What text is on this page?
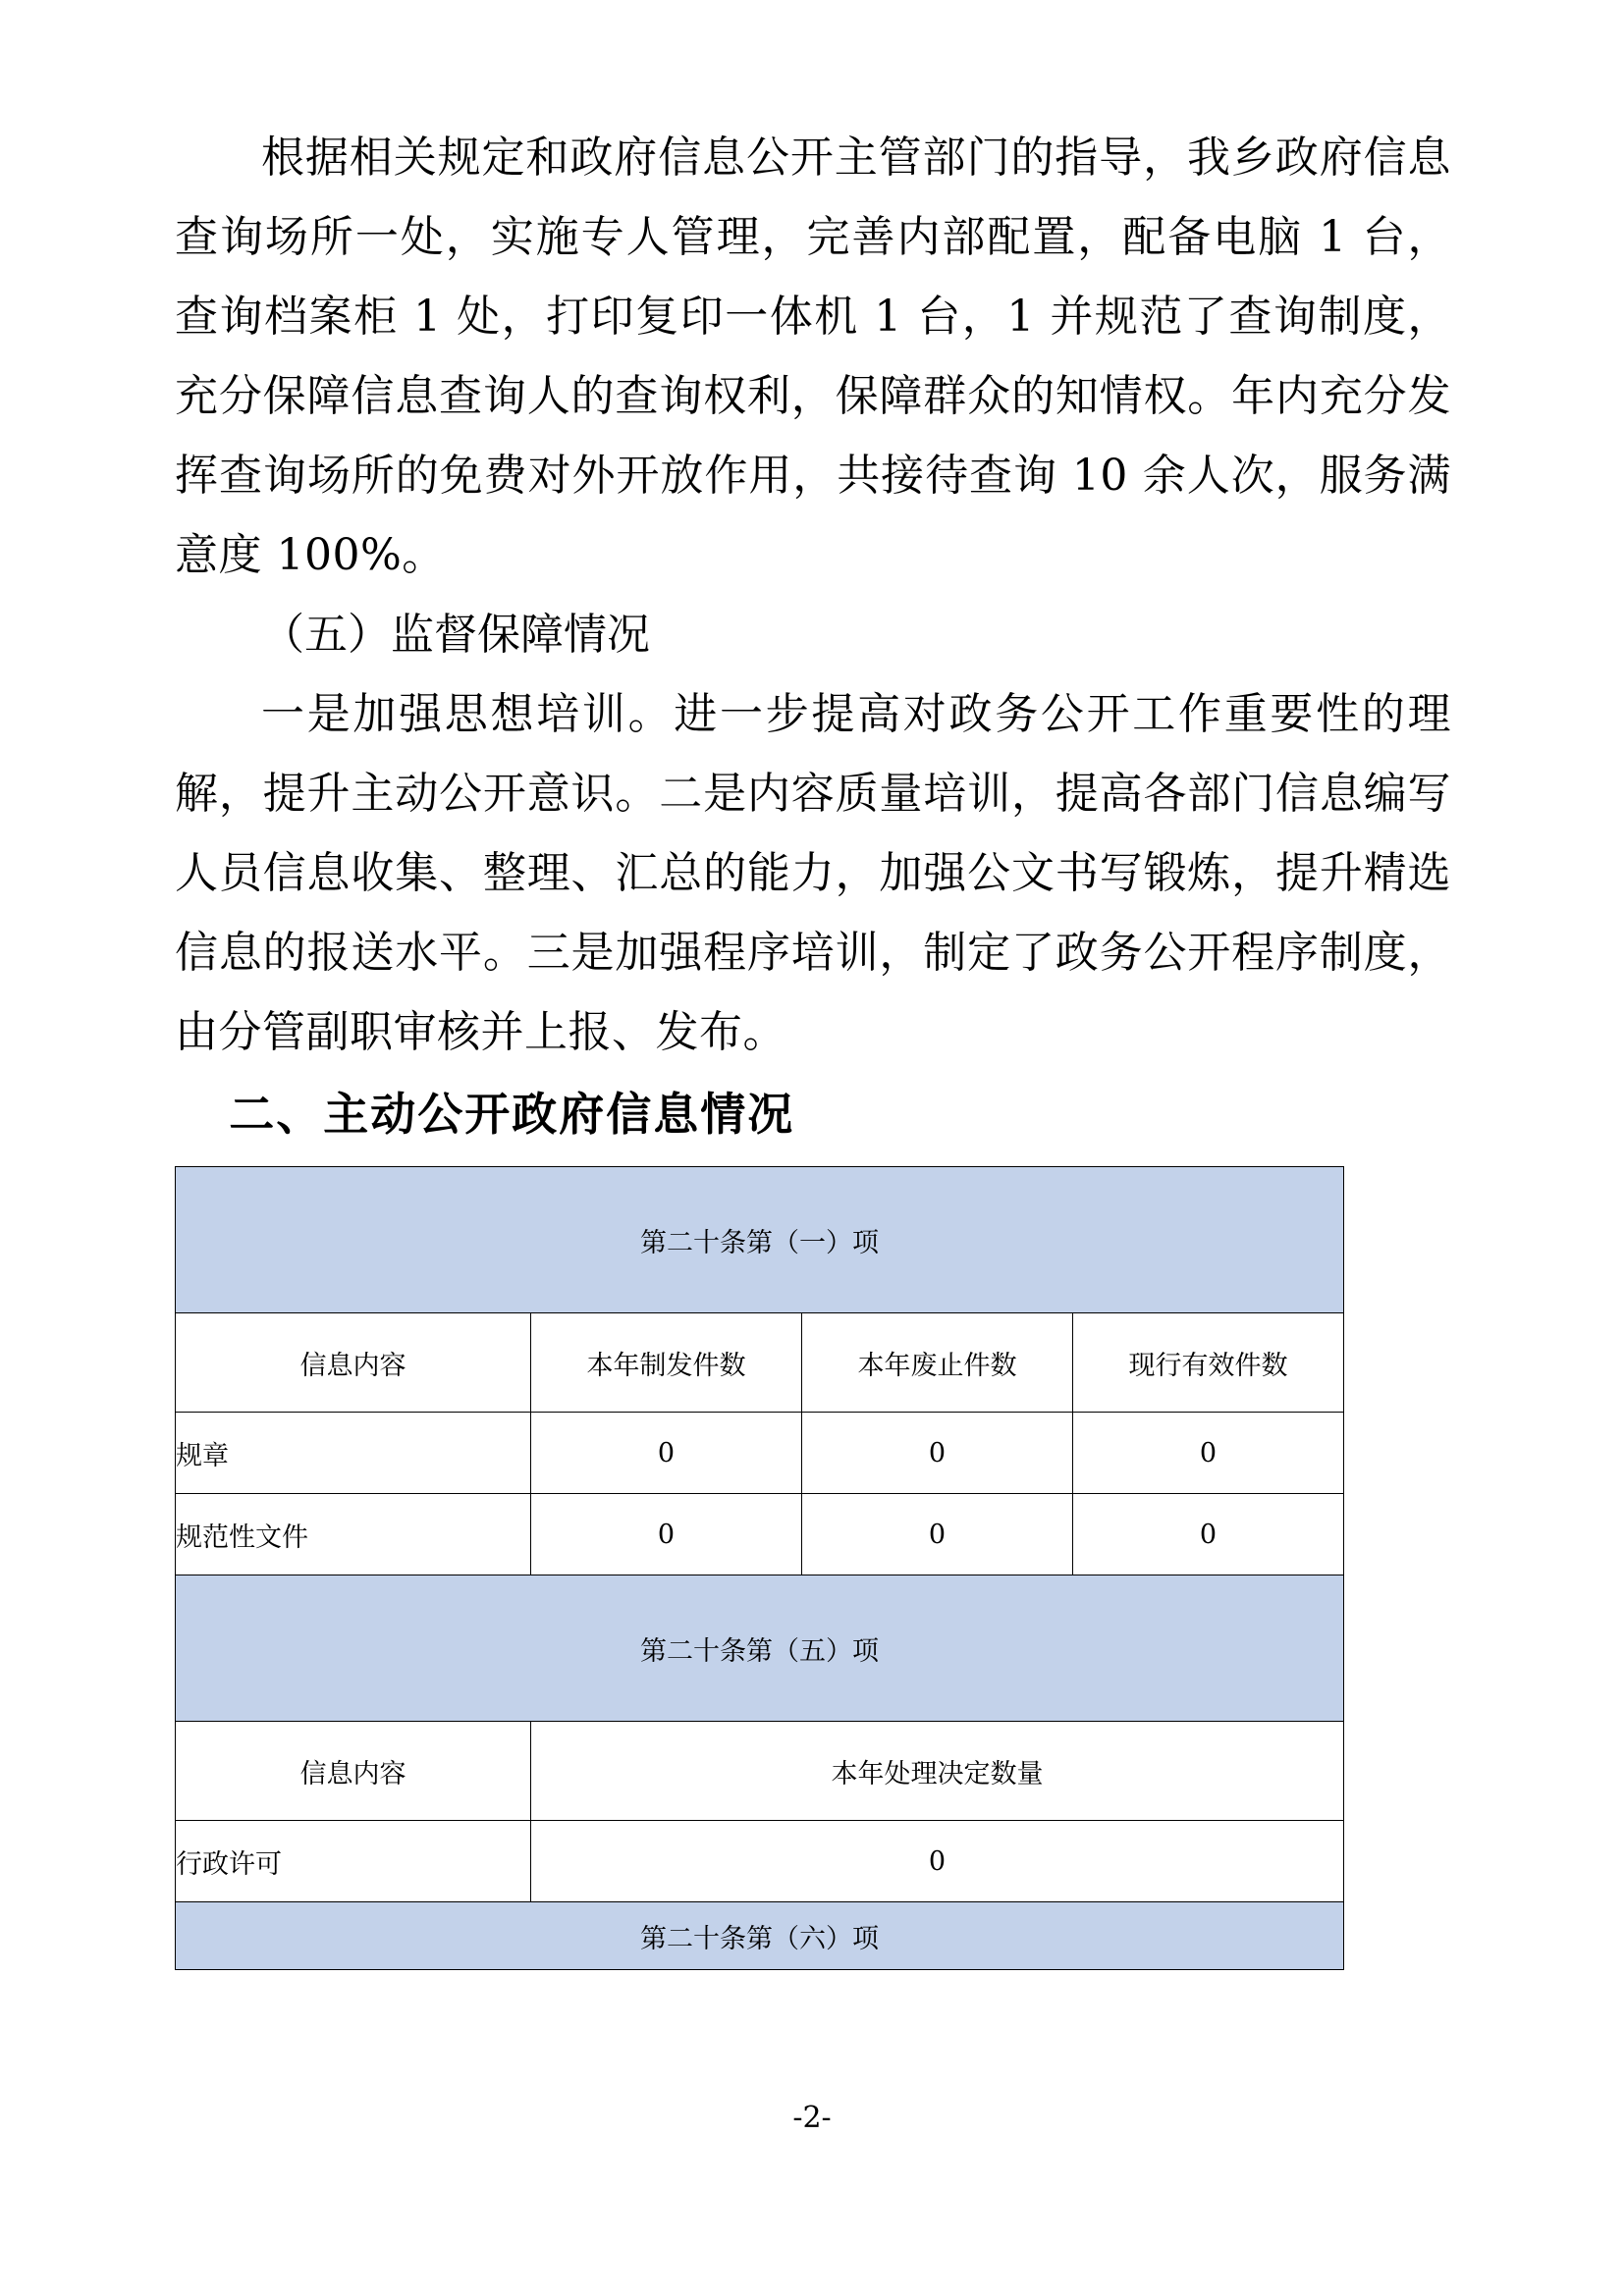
根据相关规定和政府信息公开主管部门的指导，我乡政府信息查询场所一处，实施专人管理，完善内部配置，配备电脑 1 台，查询档案柜 1 处，打印复印一体机 1 台，1 并规范了查询制度，充分保障信息查询人的查询权利，保障群众的知情权。年内充分发挥查询场所的免费对外开放作用，共接待查询 10 余人次，服务满意度 100%。

（五）监督保障情况

一是加强思想培训。进一步提高对政务公开工作重要性的理解，提升主动公开意识。二是内容质量培训，提高各部门信息编写人员信息收集、整理、汇总的能力，加强公文书写锻炼，提升精选信息的报送水平。三是加强程序培训，制定了政务公开程序制度，由分管副职审核并上报、发布。

二、主动公开政府信息情况
第二十条第（一）项			
信息内容	本年制发件数	本年废止件数	现行有效件数
规章	0	0	0
规范性文件	0	0	0
第二十条第（五）项			
信息内容	本年处理决定数量		
行政许可	0		
第二十条第（六）项			
-2-
